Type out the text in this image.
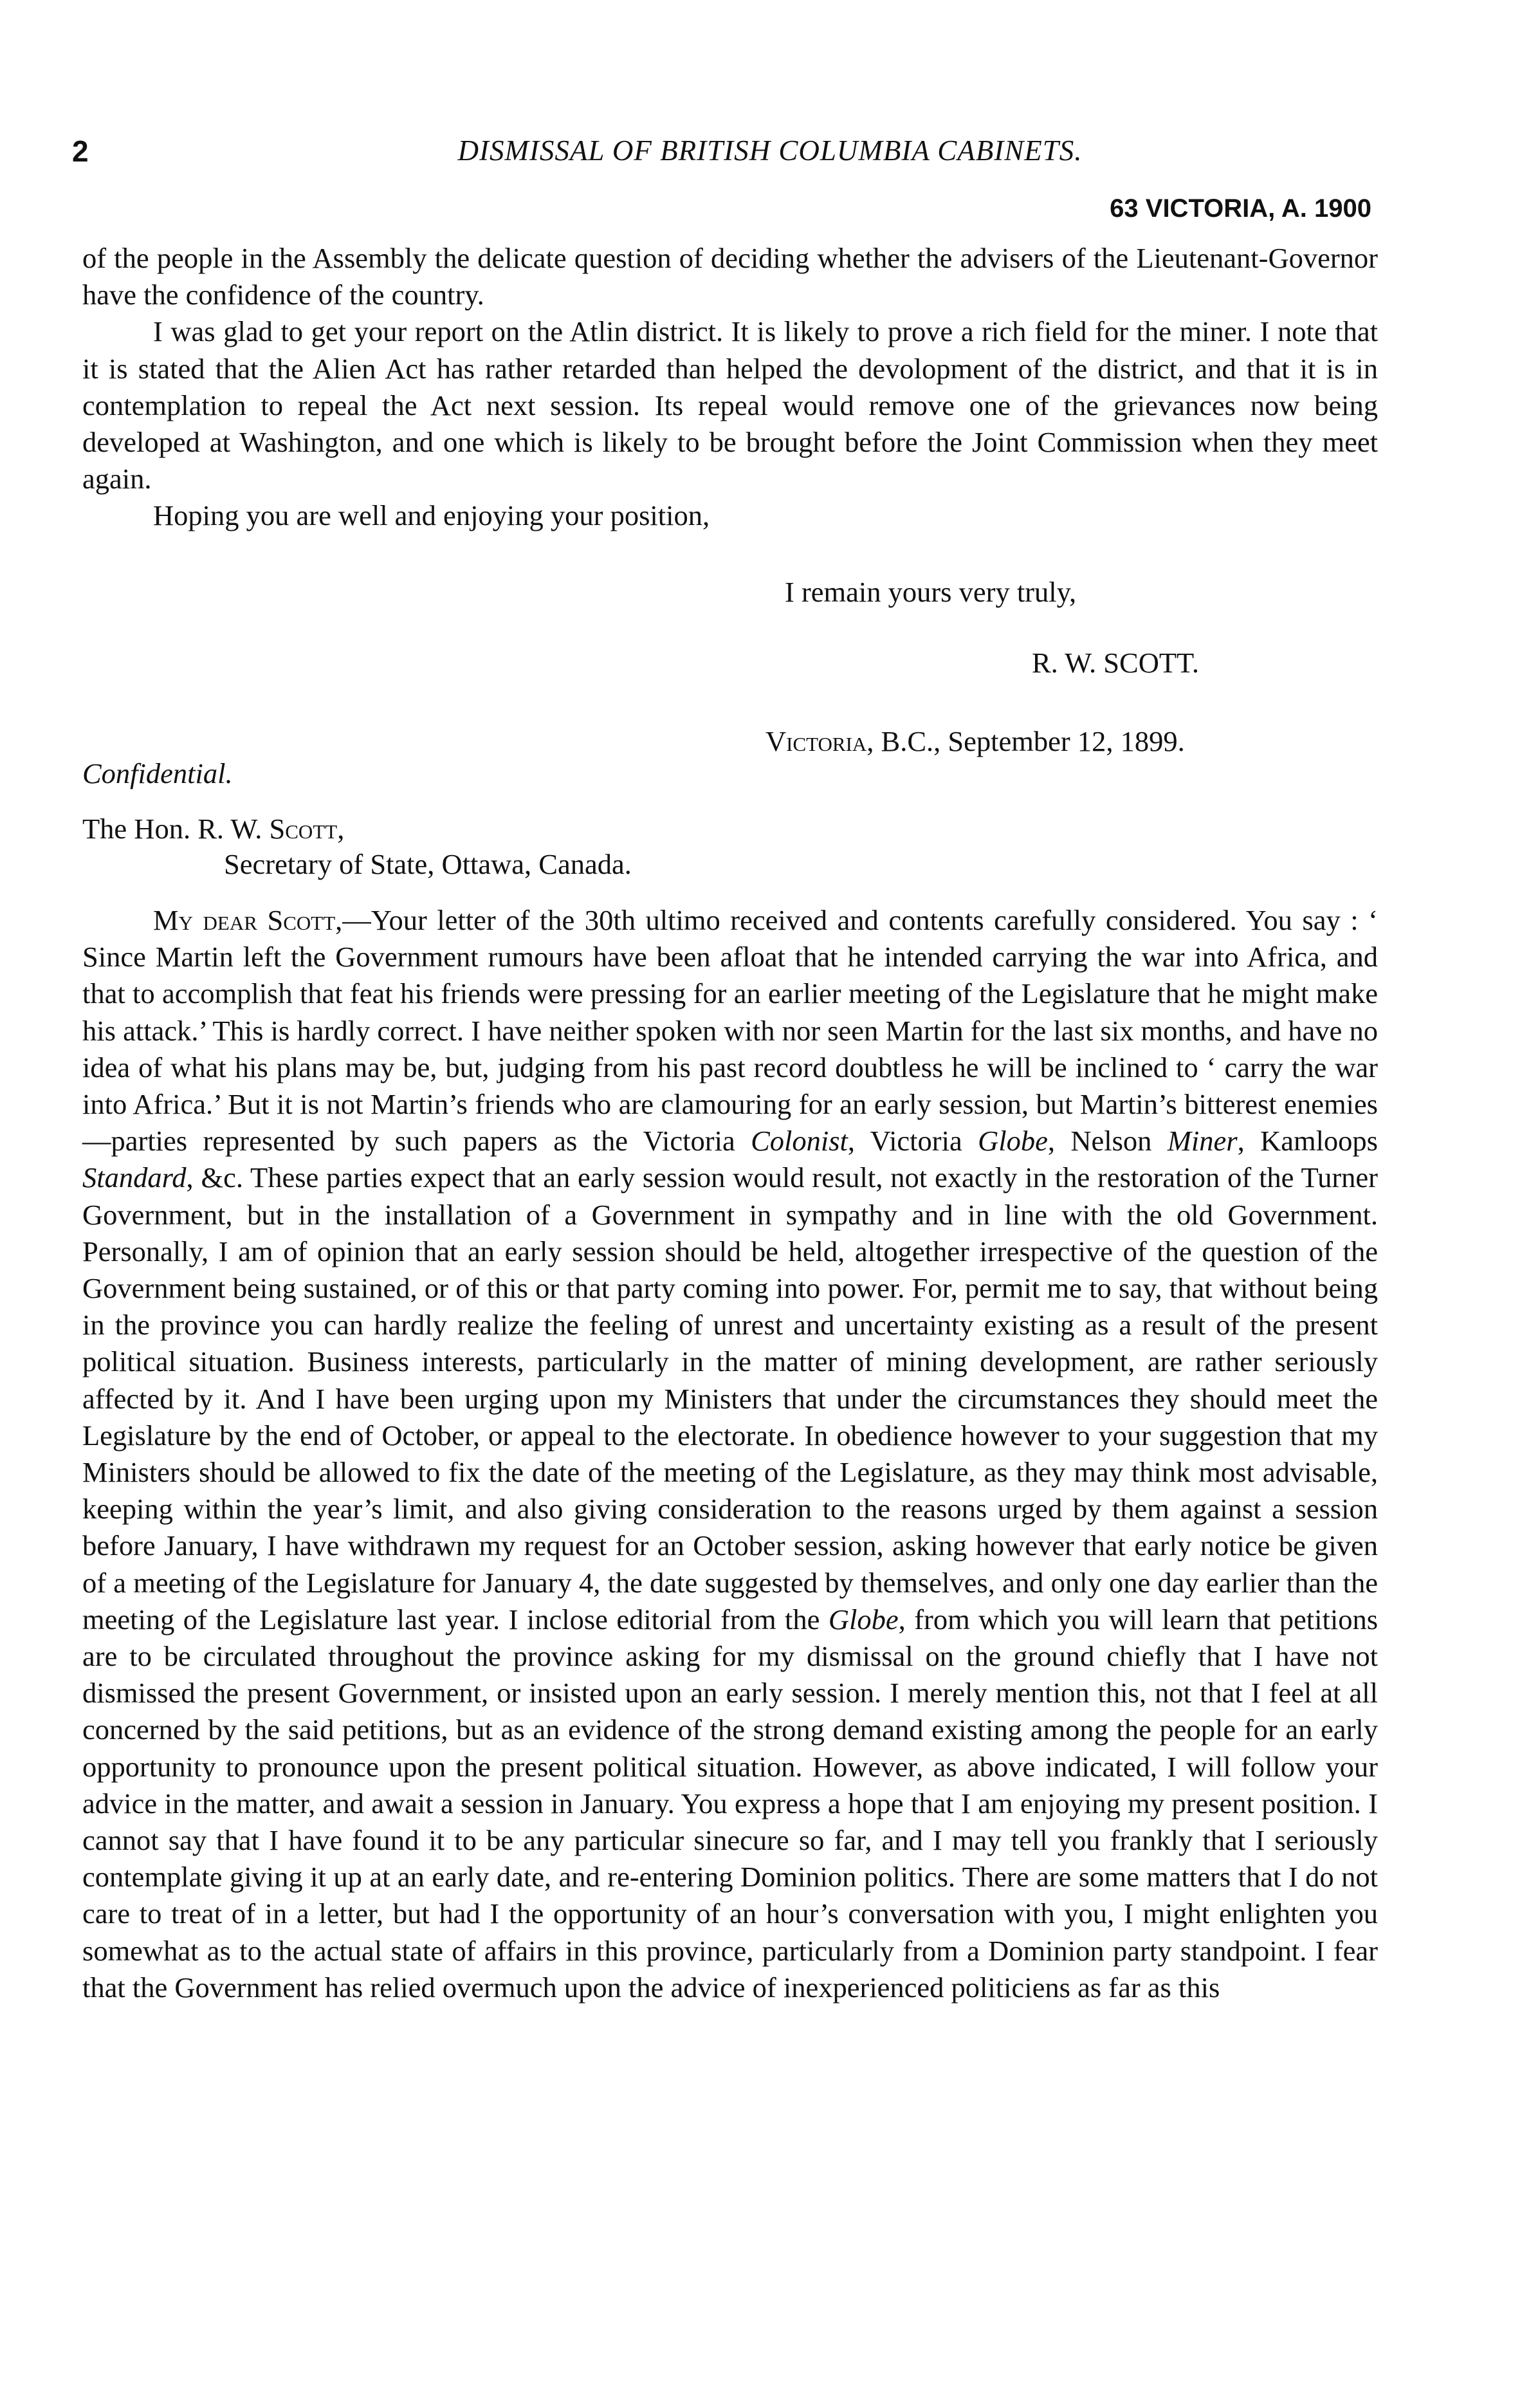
2	DISMISSAL OF BRITISH COLUMBIA CABINETS.
63 VICTORIA, A. 1900

of the people in the Assembly the delicate question of deciding whether the advisers of the Lieutenant-Governor have the confidence of the country.

I was glad to get your report on the Atlin district. It is likely to prove a rich field for the miner. I note that it is stated that the Alien Act has rather retarded than helped the devolopment of the district, and that it is in contemplation to repeal the Act next session. Its repeal would remove one of the grievances now being developed at Washington, and one which is likely to be brought before the Joint Commission when they meet again.

Hoping you are well and enjoying your position,

I remain yours very truly,
R. W. SCOTT.
Victoria, B.C., September 12, 1899.
Confidential.
The Hon. R. W. Scott,
Secretary of State, Ottawa, Canada.

My dear Scott,—Your letter of the 30th ultimo received and contents carefully considered. You say : ‘ Since Martin left the Government rumours have been afloat that he intended carrying the war into Africa, and that to accomplish that feat his friends were pressing for an earlier meeting of the Legislature that he might make his attack.’ This is hardly correct. I have neither spoken with nor seen Martin for the last six months, and have no idea of what his plans may be, but, judging from his past record doubtless he will be inclined to ‘ carry the war into Africa.’ But it is not Martin’s friends who are clamouring for an early session, but Martin’s bitterest enemies—parties represented by such papers as the Victoria Colonist, Victoria Globe, Nelson Miner, Kamloops Standard, &c. These parties expect that an early session would result, not exactly in the restoration of the Turner Government, but in the installation of a Government in sympathy and in line with the old Government. Personally, I am of opinion that an early session should be held, altogether irrespective of the question of the Government being sustained, or of this or that party coming into power. For, permit me to say, that without being in the province you can hardly realize the feeling of unrest and uncertainty existing as a result of the present political situation. Business interests, particularly in the matter of mining development, are rather seriously affected by it. And I have been urging upon my Ministers that under the circumstances they should meet the Legislature by the end of October, or appeal to the electorate. In obedience however to your suggestion that my Ministers should be allowed to fix the date of the meeting of the Legislature, as they may think most advisable, keeping within the year’s limit, and also giving consideration to the reasons urged by them against a session before January, I have withdrawn my request for an October session, asking however that early notice be given of a meeting of the Legislature for January 4, the date suggested by themselves, and only one day earlier than the meeting of the Legislature last year. I inclose editorial from the Globe, from which you will learn that petitions are to be circulated throughout the province asking for my dismissal on the ground chiefly that I have not dismissed the present Government, or insisted upon an early session. I merely mention this, not that I feel at all concerned by the said petitions, but as an evidence of the strong demand existing among the people for an early opportunity to pronounce upon the present political situation. However, as above indicated, I will follow your advice in the matter, and await a session in January. You express a hope that I am enjoying my present position. I cannot say that I have found it to be any particular sinecure so far, and I may tell you frankly that I seriously contemplate giving it up at an early date, and re-entering Dominion politics. There are some matters that I do not care to treat of in a letter, but had I the opportunity of an hour’s conversation with you, I might enlighten you somewhat as to the actual state of affairs in this province, particularly from a Dominion party standpoint. I fear that the Government has relied overmuch upon the advice of inexperienced politiciens as far as this
